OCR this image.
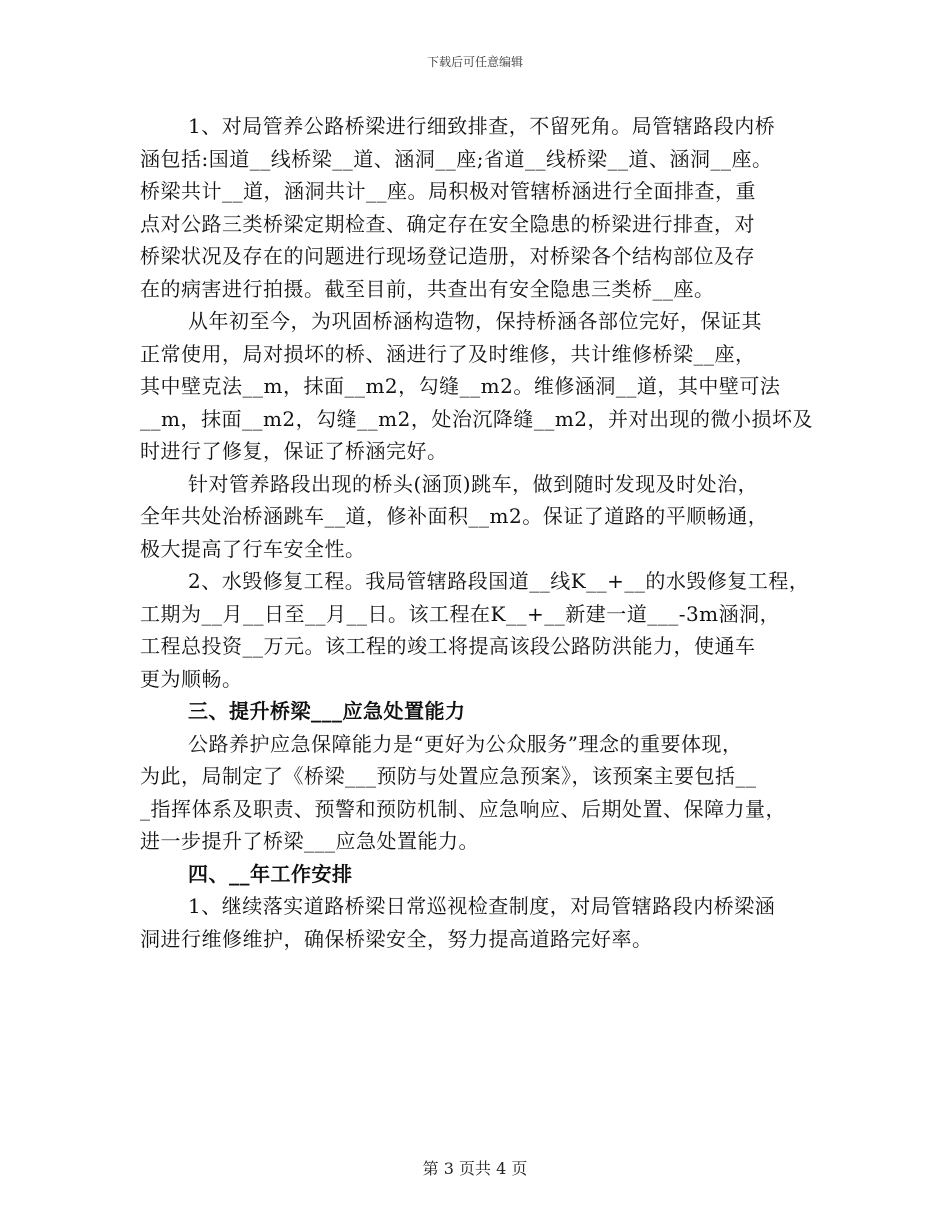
下载后可任意编辑
1、对局管养公路桥梁进行细致排查，不留死角。局管辖路段内桥
涵包括:国道__线桥梁__道、涵洞__座;省道__线桥梁__道、涵洞__座。
桥梁共计__道，涵洞共计__座。局积极对管辖桥涵进行全面排查，重
点对公路三类桥梁定期检查、确定存在安全隐患的桥梁进行排查，对
桥梁状况及存在的问题进行现场登记造册，对桥梁各个结构部位及存
在的病害进行拍摄。截至目前，共查出有安全隐患三类桥__座。
从年初至今，为巩固桥涵构造物，保持桥涵各部位完好，保证其
正常使用，局对损坏的桥、涵进行了及时维修，共计维修桥梁__座，
其中壁克法__m，抹面__m2，勾缝__m2。维修涵洞__道，其中壁可法
__m，抹面__m2，勾缝__m2，处治沉降缝__m2，并对出现的微小损坏及
时进行了修复，保证了桥涵完好。
针对管养路段出现的桥头(涵顶)跳车，做到随时发现及时处治，
全年共处治桥涵跳车__道，修补面积__m2。保证了道路的平顺畅通，
极大提高了行车安全性。
2、水毁修复工程。我局管辖路段国道__线K__+__的水毁修复工程，
工期为__月__日至__月__日。该工程在K__+__新建一道___-3m涵洞，
工程总投资__万元。该工程的竣工将提高该段公路防洪能力，使通车
更为顺畅。
三、提升桥梁___应急处置能力
公路养护应急保障能力是“更好为公众服务”理念的重要体现，
为此，局制定了《桥梁___预防与处置应急预案》，该预案主要包括__
_指挥体系及职责、预警和预防机制、应急响应、后期处置、保障力量，
进一步提升了桥梁___应急处置能力。
四、__年工作安排
1、继续落实道路桥梁日常巡视检查制度，对局管辖路段内桥梁涵
洞进行维修维护，确保桥梁安全，努力提高道路完好率。
第 3 页共 4 页
